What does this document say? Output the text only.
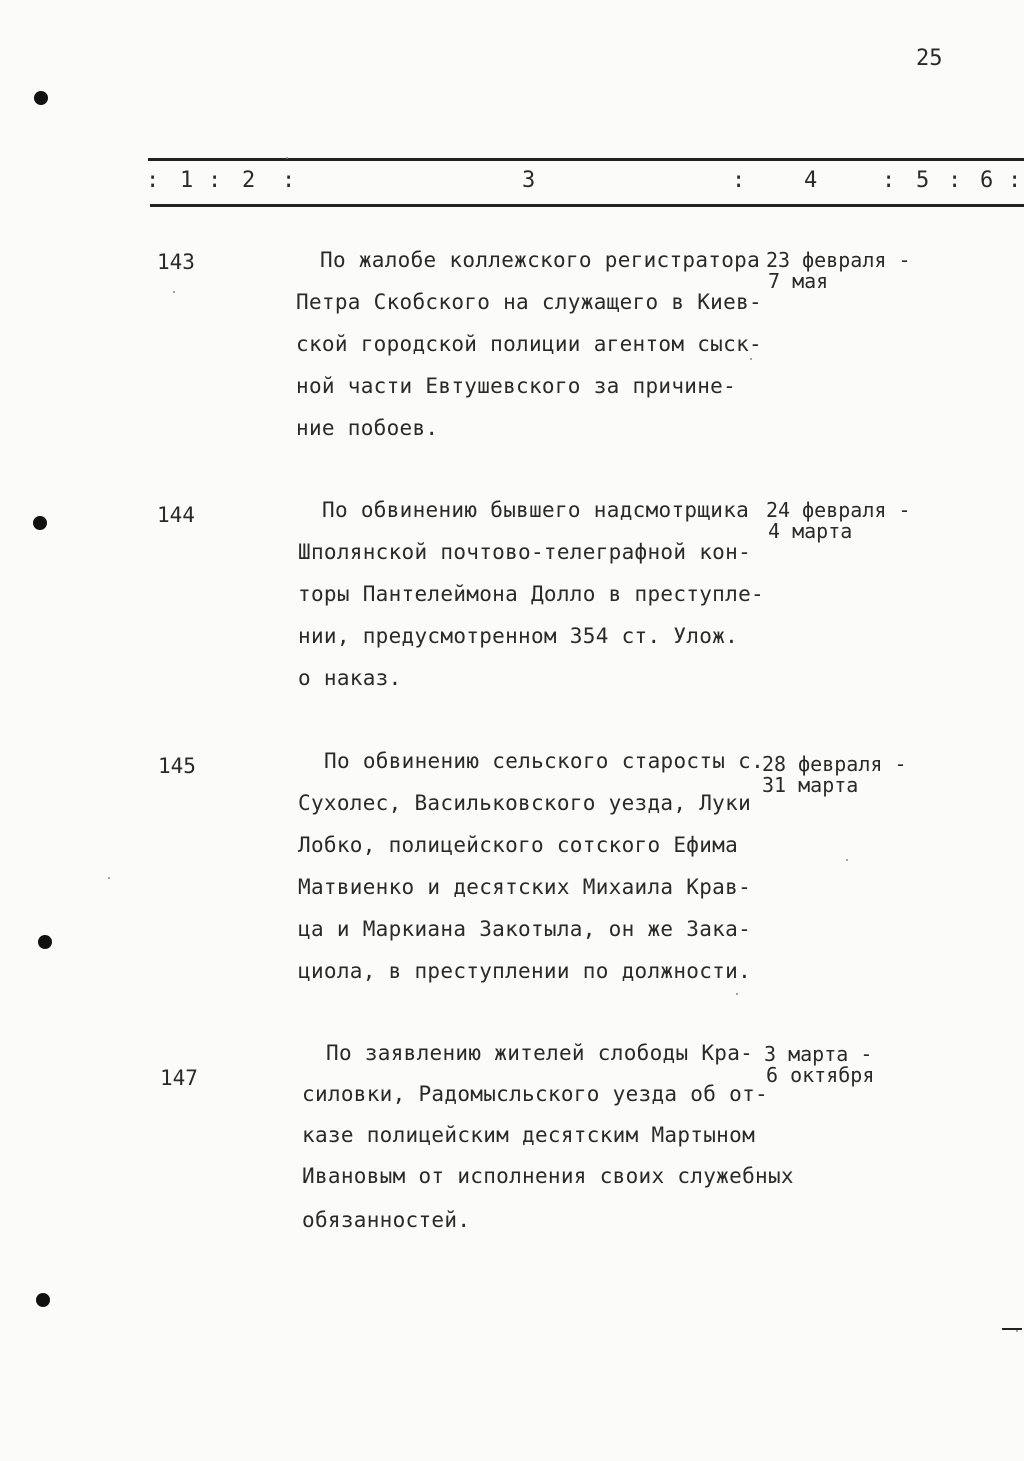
25
: 1 : 2 :	3	:	4	: 5 : 6 :
143	По жалобе коллежского регистратора
Петра Скобского на служащего в Киев-
ской городской полиции агентом сыск-
ной части Евтушевского за причине-
ние побоев.
23 февраля -
7 мая
144	По обвинению бывшего надсмотрщика
Шполянской почтово-телеграфной кон-
торы Пантелеймона Долло в преступле-
нии, предусмотренном 354 ст. Улож.
о наказ.
24 февраля -
4 марта
145	По обвинению сельского старосты с.
Сухолес, Васильковского уезда, Луки
Лобко, полицейского сотского Ефима
Матвиенко и десятских Михаила Крав-
ца и Маркиана Закотыла, он же Зака-
циола, в преступлении по должности.
28 февраля -
31 марта
147
По заявлению жителей слободы Кра-
силовки, Радомысльского уезда об от-
казе полицейским десятским Мартыном
Ивановым от исполнения своих служебных
обязанностей.
3 марта -
6 октября
